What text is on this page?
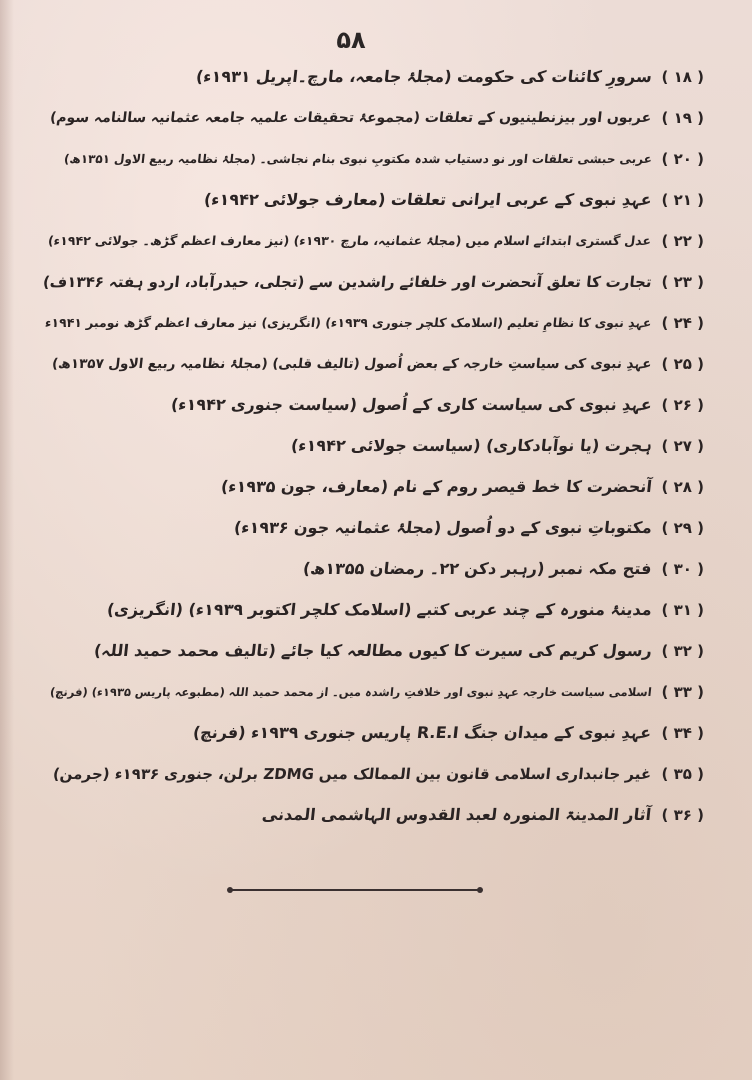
۵۸
( ۱۸ )سرورِ کائنات کی حکومت (مجلۂ جامعہ، مارچ۔اپریل ۱۹۳۱ء)
( ۱۹ )عربوں اور بیزنطینیوں کے تعلقات (مجموعۂ تحقیقات علمیہ جامعہ عثمانیہ سالنامہ سوم)
( ۲۰ )عربی حبشی تعلقات اور نو دستیاب شدہ مکتوبِ نبوی بنام نجاشی۔ (مجلۂ نظامیہ ربیع الاول ۱۳۵۱ھ)
( ۲۱ )عہدِ نبوی کے عربی ایرانی تعلقات (معارف جولائی ۱۹۴۲ء)
( ۲۲ )عدل گستری ابتدائے اسلام میں (مجلۂ عثمانیہ، مارچ ۱۹۳۰ء) (نیز معارف اعظم گڑھ۔ جولائی ۱۹۴۲ء)
( ۲۳ )تجارت کا تعلق آنحضرت اور خلفائے راشدین سے (تجلی، حیدرآباد، اردو ہفتہ ۱۳۴۶ف)
( ۲۴ )عہدِ نبوی کا نظامِ تعلیم (اسلامک کلچر جنوری ۱۹۳۹ء) (انگریزی) نیز معارف اعظم گڑھ نومبر ۱۹۴۱ء
( ۲۵ )عہدِ نبوی کی سیاستِ خارجہ کے بعض اُصول (تالیف قلبی) (مجلۂ نظامیہ ربیع الاول ۱۳۵۷ھ)
( ۲۶ )عہدِ نبوی کی سیاست کاری کے اُصول (سیاست جنوری ۱۹۴۲ء)
( ۲۷ )ہجرت (یا نوآبادکاری) (سیاست جولائی ۱۹۴۲ء)
( ۲۸ )آنحضرت کا خط قیصر روم کے نام (معارف، جون ۱۹۳۵ء)
( ۲۹ )مکتوباتِ نبوی کے دو اُصول (مجلۂ عثمانیہ جون ۱۹۳۶ء)
( ۳۰ )فتح مکہ نمبر (رہبر دکن ۲۲۔ رمضان ۱۳۵۵ھ)
( ۳۱ )مدینۂ منورہ کے چند عربی کتبے (اسلامک کلچر اکتوبر ۱۹۳۹ء) (انگریزی)
( ۳۲ )رسول کریم کی سیرت کا کیوں مطالعہ کیا جائے (تالیف محمد حمید اللہ)
( ۳۳ )اسلامی سیاست خارجہ عہدِ نبوی اور خلافتِ راشدہ میں۔ از محمد حمید اللہ (مطبوعہ پاریس ۱۹۳۵ء) (فرنچ)
( ۳۴ )عہدِ نبوی کے میدان جنگ R.E.I پاریس جنوری ۱۹۳۹ء (فرنچ)
( ۳۵ )غیر جانبداری اسلامی قانون بین الممالک میں ZDMG برلن، جنوری ۱۹۳۶ء (جرمن)
( ۳۶ )آثار المدینۃ المنورہ لعبد القدوس الہاشمی المدنی
